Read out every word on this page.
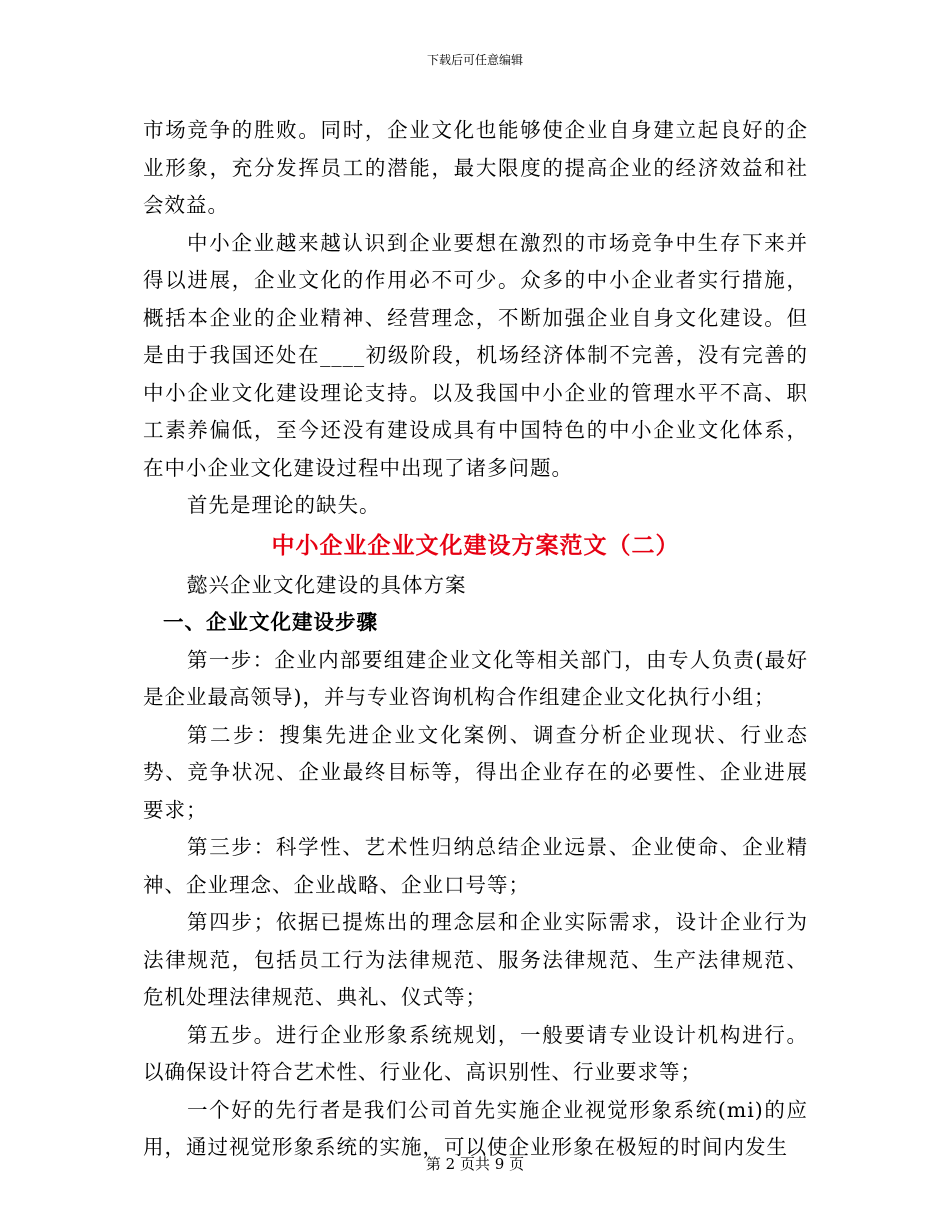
下载后可任意编辑

市场竞争的胜败。同时，企业文化也能够使企业自身建立起良好的企业形象，充分发挥员工的潜能，最大限度的提高企业的经济效益和社会效益。

中小企业越来越认识到企业要想在激烈的市场竞争中生存下来并得以进展，企业文化的作用必不可少。众多的中小企业者实行措施，概括本企业的企业精神、经营理念，不断加强企业自身文化建设。但是由于我国还处在____初级阶段，机场经济体制不完善，没有完善的中小企业文化建设理论支持。以及我国中小企业的管理水平不高、职工素养偏低，至今还没有建设成具有中国特色的中小企业文化体系，在中小企业文化建设过程中出现了诸多问题。

首先是理论的缺失。

中小企业企业文化建设方案范文（二）

懿兴企业文化建设的具体方案

一、企业文化建设步骤

第一步：企业内部要组建企业文化等相关部门，由专人负责(最好是企业最高领导)，并与专业咨询机构合作组建企业文化执行小组；

第二步：搜集先进企业文化案例、调查分析企业现状、行业态势、竞争状况、企业最终目标等，得出企业存在的必要性、企业进展要求；

第三步：科学性、艺术性归纳总结企业远景、企业使命、企业精神、企业理念、企业战略、企业口号等；

第四步；依据已提炼出的理念层和企业实际需求，设计企业行为法律规范，包括员工行为法律规范、服务法律规范、生产法律规范、危机处理法律规范、典礼、仪式等；

第五步。进行企业形象系统规划，一般要请专业设计机构进行。以确保设计符合艺术性、行业化、高识别性、行业要求等；

一个好的先行者是我们公司首先实施企业视觉形象系统(mi)的应用，通过视觉形象系统的实施，可以使企业形象在极短的时间内发生

第 2 页共 9 页
